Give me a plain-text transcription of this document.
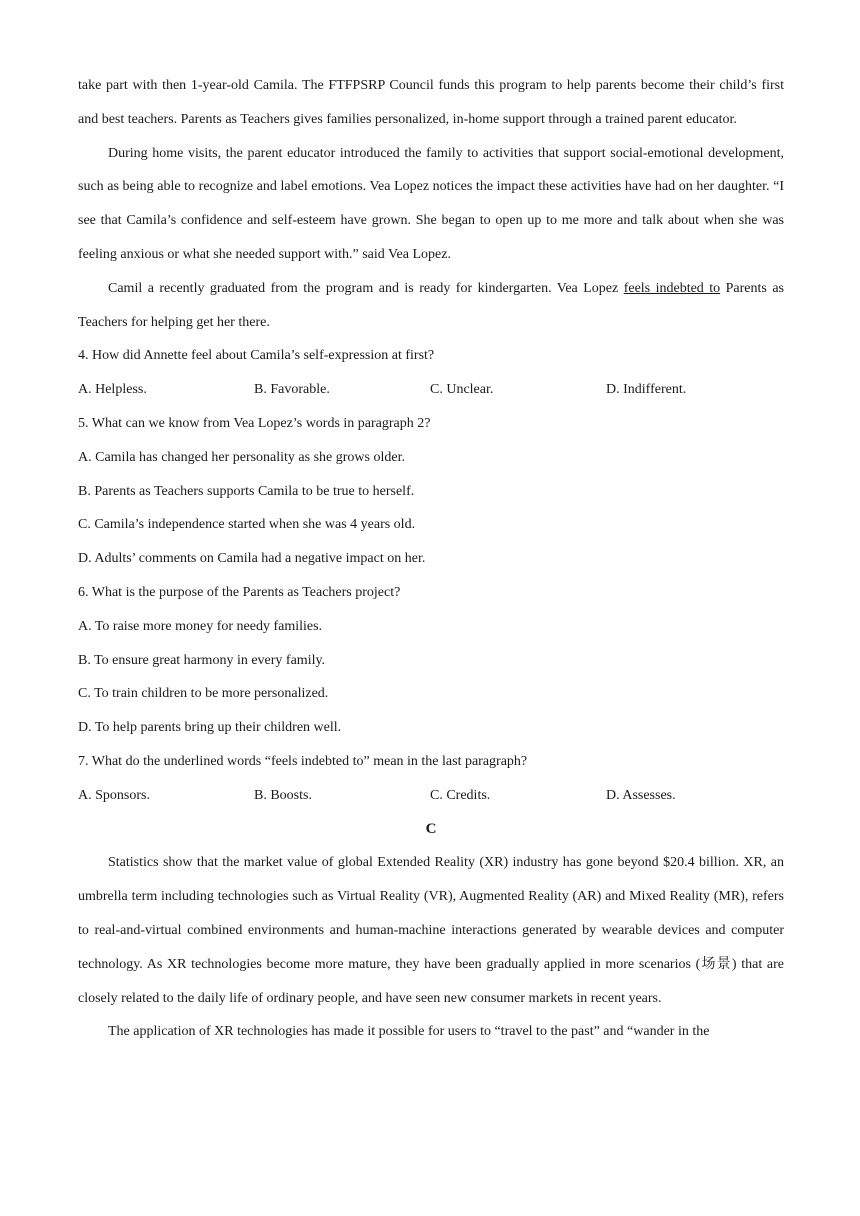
take part with then 1-year-old Camila. The FTFPSRP Council funds this program to help parents become their child’s first and best teachers. Parents as Teachers gives families personalized, in-home support through a trained parent educator.

During home visits, the parent educator introduced the family to activities that support social-emotional development, such as being able to recognize and label emotions. Vea Lopez notices the impact these activities have had on her daughter. “I see that Camila’s confidence and self-esteem have grown. She began to open up to me more and talk about when she was feeling anxious or what she needed support with.” said Vea Lopez.

Camil a recently graduated from the program and is ready for kindergarten. Vea Lopez feels indebted to Parents as Teachers for helping get her there.

4. How did Annette feel about Camila’s self-expression at first?

A. Helpless.	B. Favorable.	C. Unclear.	D. Indifferent.

5. What can we know from Vea Lopez’s words in paragraph 2?

A. Camila has changed her personality as she grows older.

B. Parents as Teachers supports Camila to be true to herself.

C. Camila’s independence started when she was 4 years old.

D. Adults’ comments on Camila had a negative impact on her.

6. What is the purpose of the Parents as Teachers project?

A. To raise more money for needy families.

B. To ensure great harmony in every family.

C. To train children to be more personalized.

D. To help parents bring up their children well.

7. What do the underlined words “feels indebted to” mean in the last paragraph?

A. Sponsors.	B. Boosts.	C. Credits.	D. Assesses.

C

Statistics show that the market value of global Extended Reality (XR) industry has gone beyond $20.4 billion. XR, an umbrella term including technologies such as Virtual Reality (VR), Augmented Reality (AR) and Mixed Reality (MR), refers to real-and-virtual combined environments and human-machine interactions generated by wearable devices and computer technology. As XR technologies become more mature, they have been gradually applied in more scenarios (场景) that are closely related to the daily life of ordinary people, and have seen new consumer markets in recent years.

The application of XR technologies has made it possible for users to “travel to the past” and “wander in the
